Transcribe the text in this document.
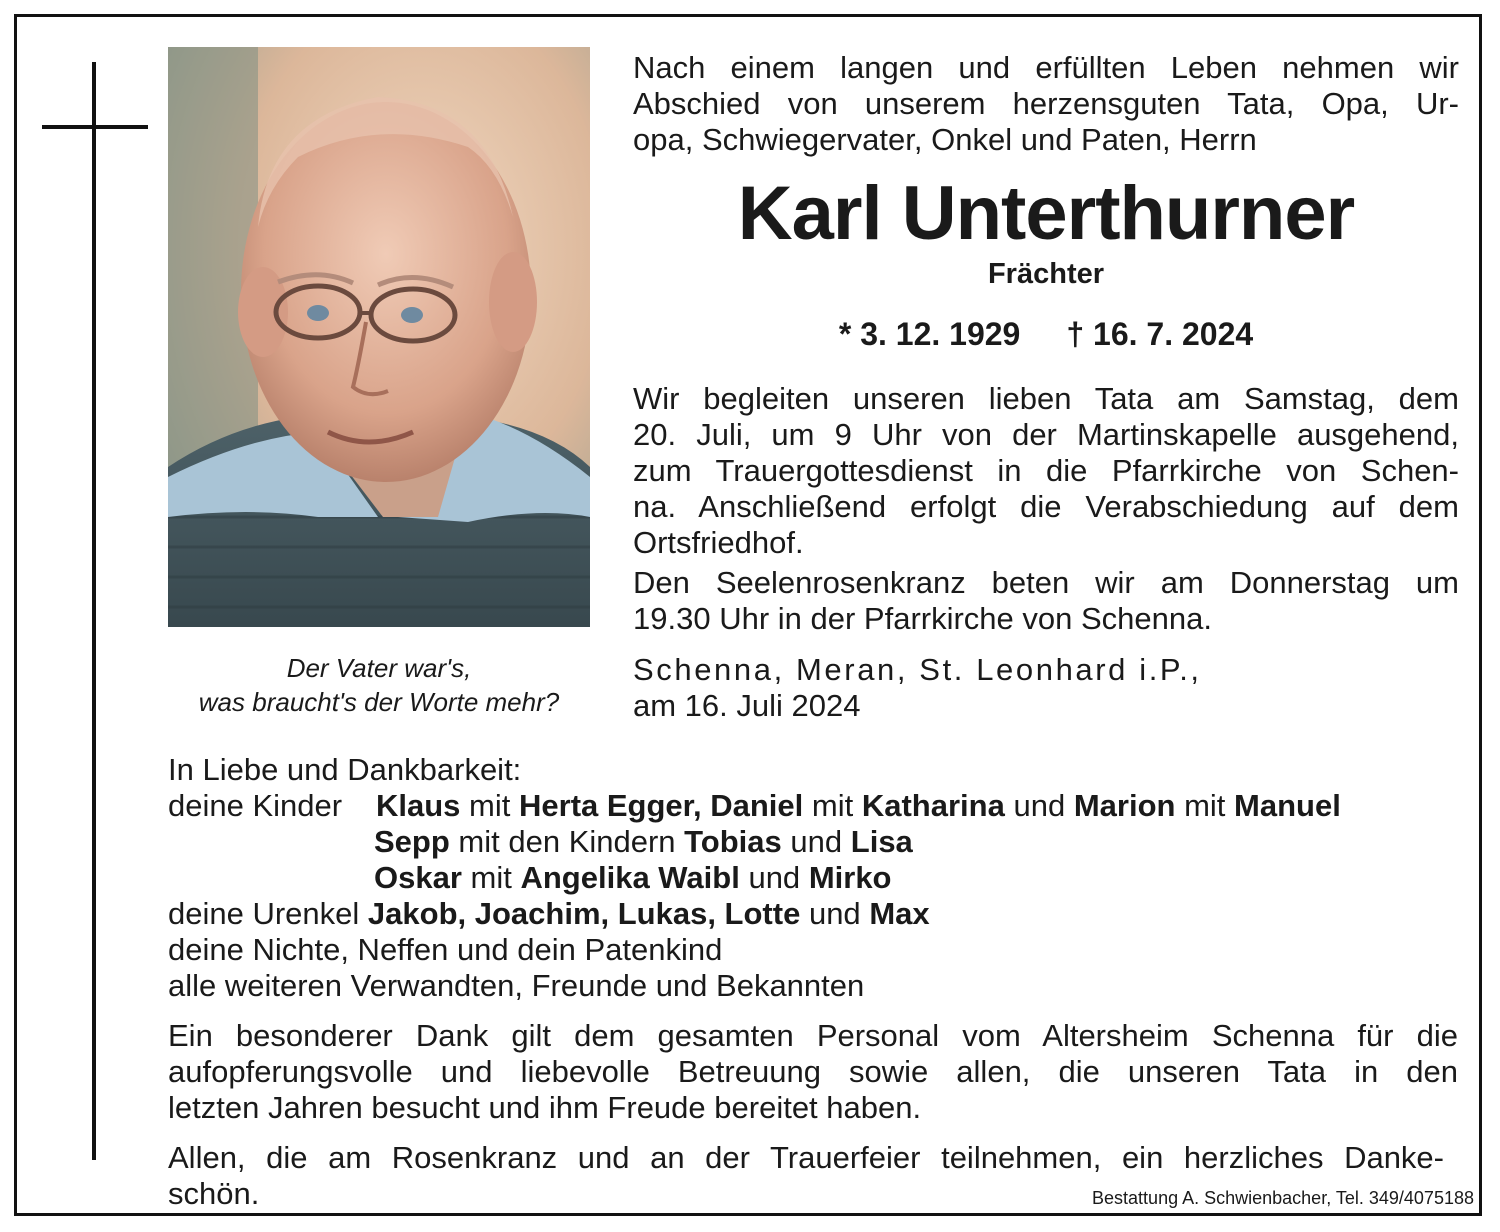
Der Vater war's,
was braucht's der Worte mehr?
Nach einem langen und erfüllten Leben nehmen wir
Abschied von unserem herzensguten Tata, Opa, Ur-
opa, Schwiegervater, Onkel und Paten, Herrn
Karl Unterthurner
Frächter
* 3. 12. 1929 † 16. 7. 2024
Wir begleiten unseren lieben Tata am Samstag, dem
20. Juli, um 9 Uhr von der Martinskapelle ausgehend,
zum Trauergottesdienst in die Pfarrkirche von Schen-
na. Anschließend erfolgt die Verabschiedung auf dem
Ortsfriedhof.
Den Seelenrosenkranz beten wir am Donnerstag um
19.30 Uhr in der Pfarrkirche von Schenna.
Schenna, Meran, St. Leonhard i.P.,
am 16. Juli 2024
In Liebe und Dankbarkeit:
deine Kinder Klaus mit Herta Egger, Daniel mit Katharina und Marion mit Manuel
Sepp mit den Kindern Tobias und Lisa
Oskar mit Angelika Waibl und Mirko
deine Urenkel Jakob, Joachim, Lukas, Lotte und Max
deine Nichte, Neffen und dein Patenkind
alle weiteren Verwandten, Freunde und Bekannten
Ein besonderer Dank gilt dem gesamten Personal vom Altersheim Schenna für die
aufopferungsvolle und liebevolle Betreuung sowie allen, die unseren Tata in den
letzten Jahren besucht und ihm Freude bereitet haben.
Allen, die am Rosenkranz und an der Trauerfeier teilnehmen, ein herzliches Danke-
schön.	Bestattung A. Schwienbacher, Tel. 349/4075188
